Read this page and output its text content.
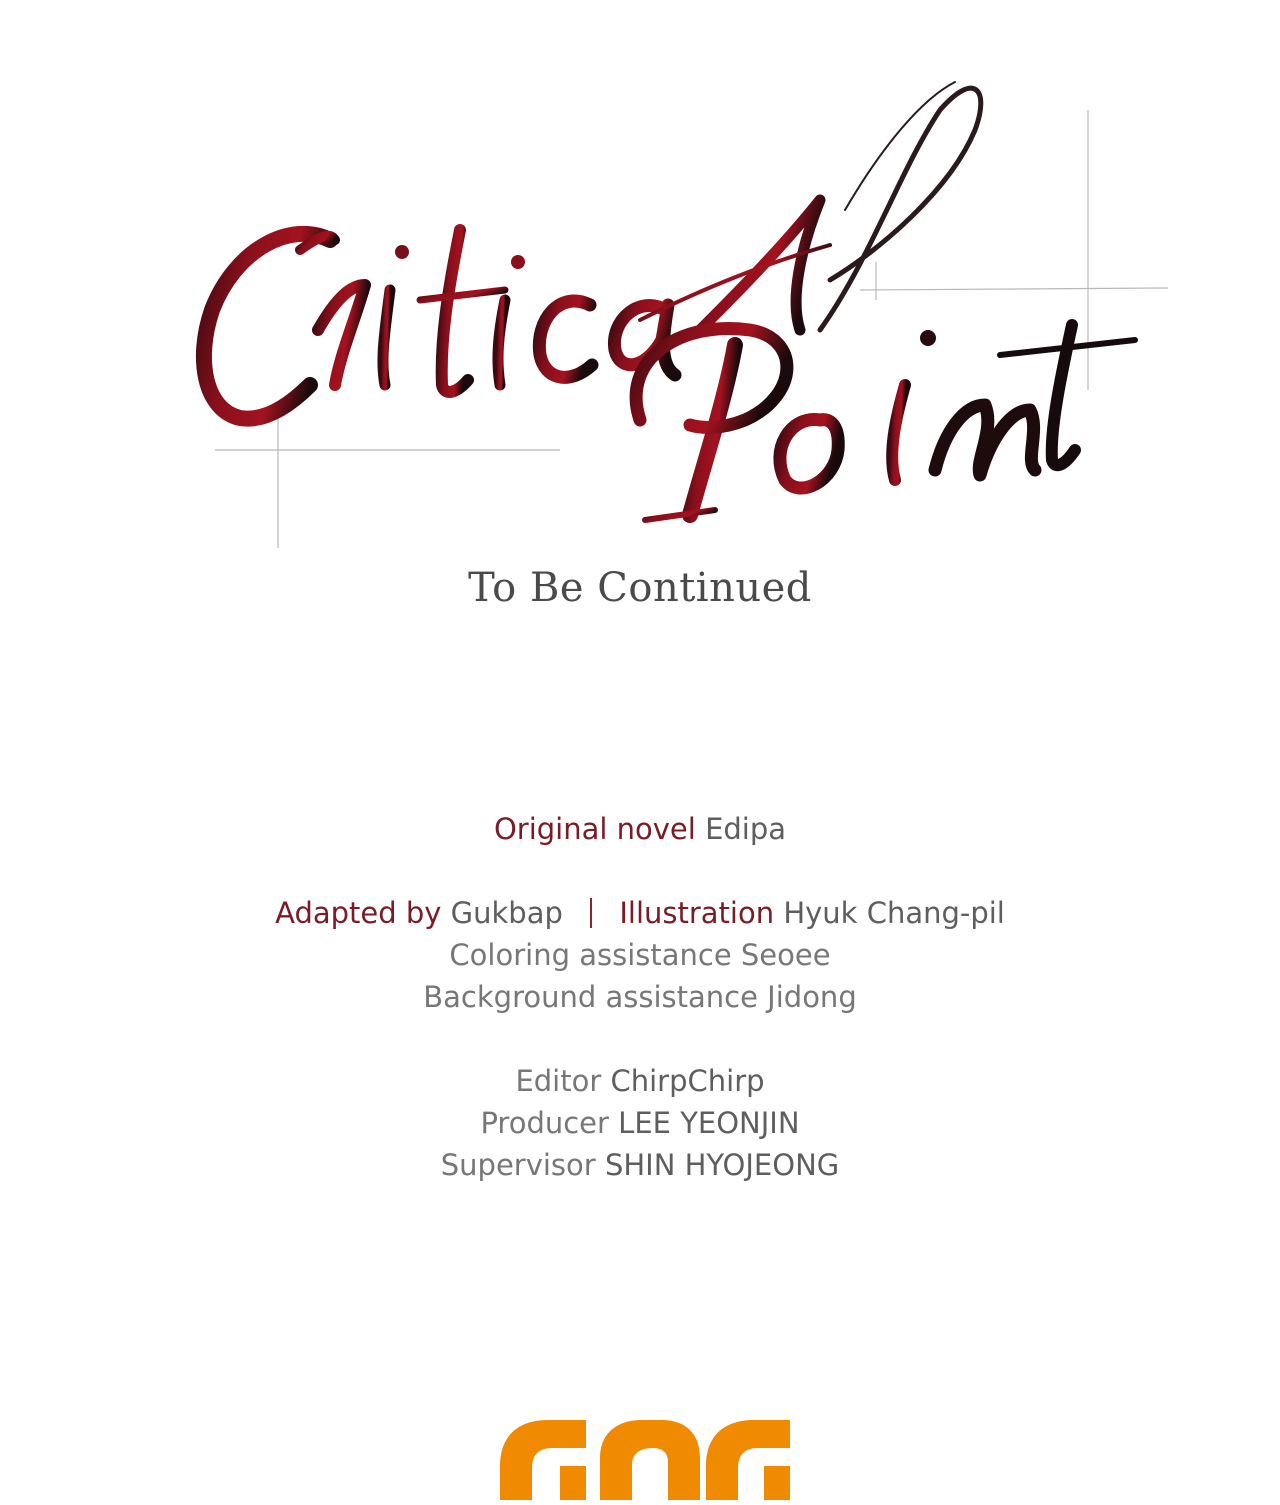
To Be Continued
Original novel Edipa
Adapted by Gukbap Illustration Hyuk Chang-pil
Coloring assistance Seoee
Background assistance Jidong
Editor ChirpChirp
Producer LEE YEONJIN
Supervisor SHIN HYOJEONG
